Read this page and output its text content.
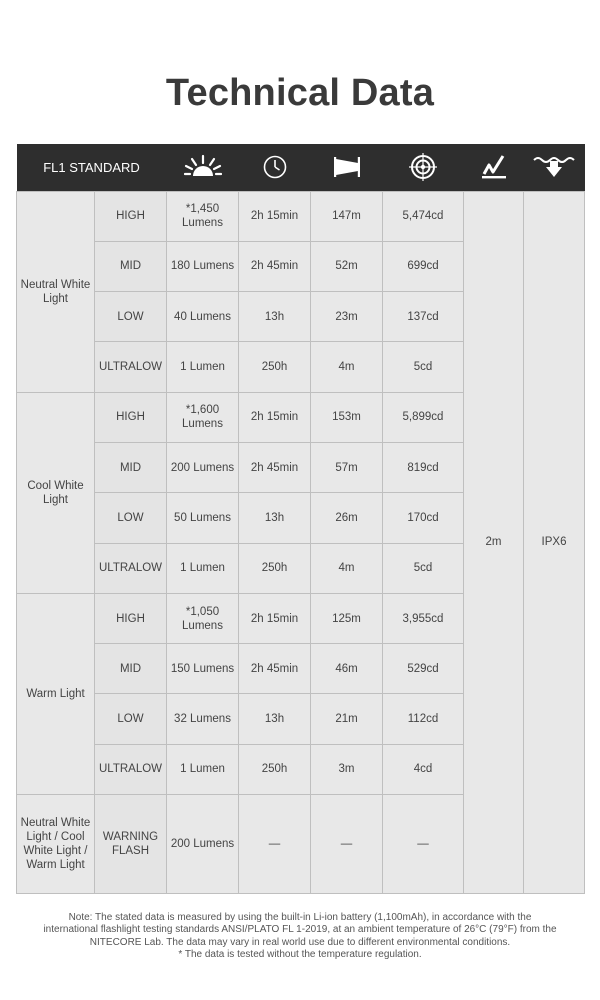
Technical Data
FL1 STANDARD	

Neutral White Light	HIGH	*1,450 Lumens	2h 15min	147m	5,474cd	2m	IPX6
	MID	180 Lumens	2h 45min	52m	699cd		
	LOW	40 Lumens	13h	23m	137cd		
	ULTRALOW	1 Lumen	250h	4m	5cd		
Cool White Light	HIGH	*1,600 Lumens	2h 15min	153m	5,899cd		
	MID	200 Lumens	2h 45min	57m	819cd		
	LOW	50 Lumens	13h	26m	170cd		
	ULTRALOW	1 Lumen	250h	4m	5cd		
Warm Light	HIGH	*1,050 Lumens	2h 15min	125m	3,955cd		
	MID	150 Lumens	2h 45min	46m	529cd		
	LOW	32 Lumens	13h	21m	112cd		
	ULTRALOW	1 Lumen	250h	3m	4cd		
Neutral White Light / Cool White Light / Warm Light	WARNING FLASH	200 Lumens	—	—	—		

Note: The stated data is measured by using the built-in Li-ion battery (1,100mAh), in accordance with the international flashlight testing standards ANSI/PLATO FL 1-2019, at an ambient temperature of 26°C (79°F) from the NITECORE Lab. The data may vary in real world use due to different environmental conditions.

* The data is tested without the temperature regulation.
